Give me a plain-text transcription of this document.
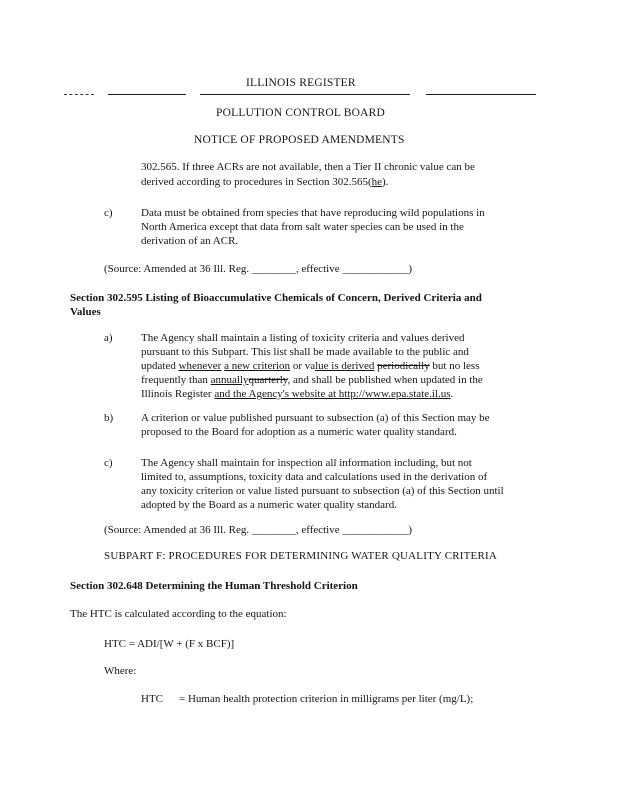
ILLINOIS REGISTER
POLLUTION CONTROL BOARD
NOTICE OF PROPOSED AMENDMENTS
302.565. If three ACRs are not available, then a Tier II chronic value can be
derived according to procedures in Section 302.565(he).
c)	Data must be obtained from species that have reproducing wild populations in
North America except that data from salt water species can be used in the
derivation of an ACR.
(Source: Amended at 36 Ill. Reg. ________, effective ____________)
Section 302.595 Listing of Bioaccumulative Chemicals of Concern, Derived Criteria and
Values
a)	The Agency shall maintain a listing of toxicity criteria and values derived
pursuant to this Subpart. This list shall be made available to the public and
updated whenever a new criterion or value is derived periodically but no less
frequently than annuallyquarterly, and shall be published when updated in the
Illinois Register and the Agency's website at http://www.epa.state.il.us.
b)	A criterion or value published pursuant to subsection (a) of this Section may be
proposed to the Board for adoption as a numeric water quality standard.
c)	The Agency shall maintain for inspection all information including, but not
limited to, assumptions, toxicity data and calculations used in the derivation of
any toxicity criterion or value listed pursuant to subsection (a) of this Section until
adopted by the Board as a numeric water quality standard.
(Source: Amended at 36 Ill. Reg. ________, effective ____________)
SUBPART F: PROCEDURES FOR DETERMINING WATER QUALITY CRITERIA
Section 302.648 Determining the Human Threshold Criterion
The HTC is calculated according to the equation:
HTC = ADI/[W + (F x BCF)]
Where:
HTC = Human health protection criterion in milligrams per liter (mg/L);
